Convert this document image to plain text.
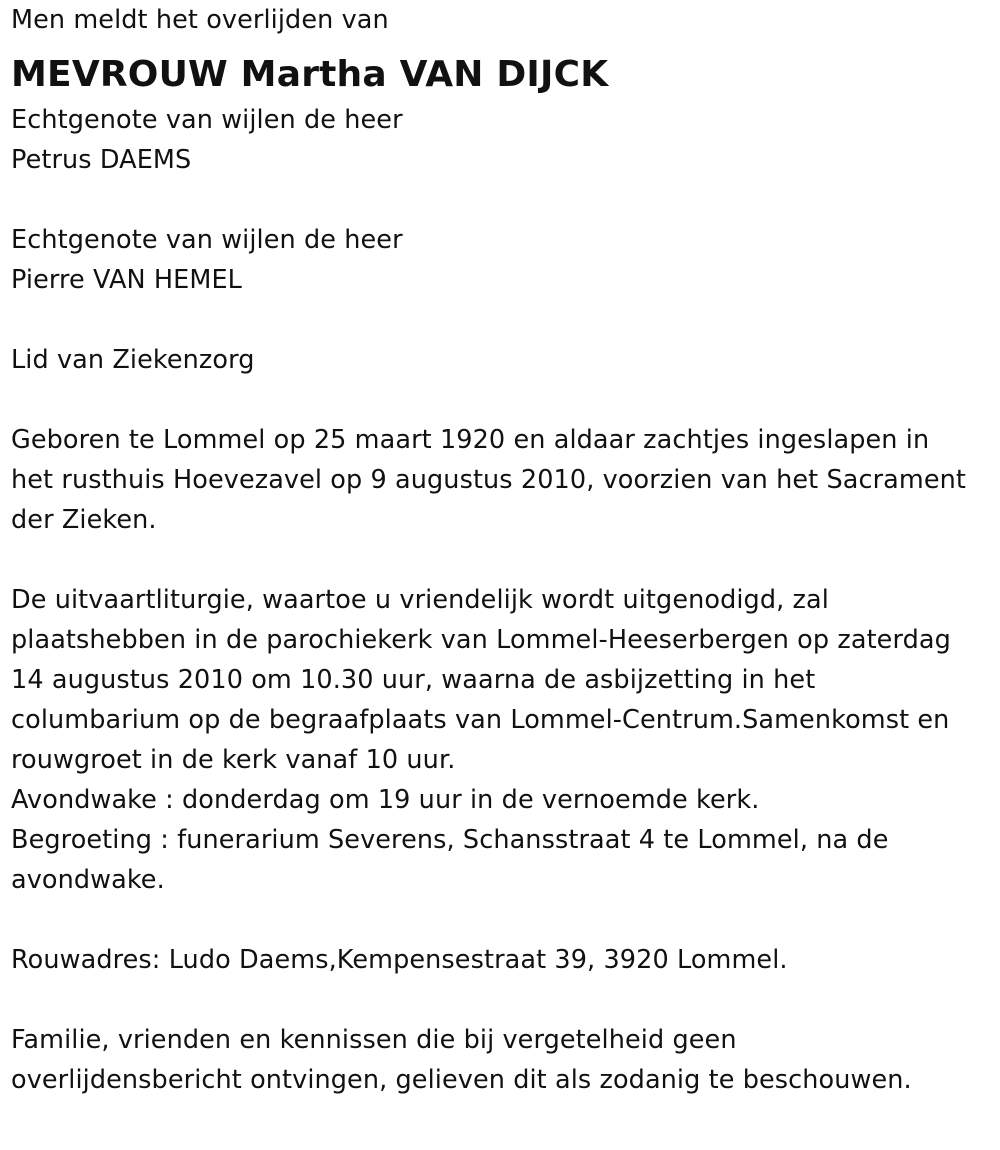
Men meldt het overlijden van
MEVROUW Martha VAN DIJCK
Echtgenote van wijlen de heer
Petrus DAEMS
Echtgenote van wijlen de heer
Pierre VAN HEMEL
Lid van Ziekenzorg
Geboren te Lommel op 25 maart 1920 en aldaar zachtjes ingeslapen in
het rusthuis Hoevezavel op 9 augustus 2010, voorzien van het Sacrament
der Zieken.
De uitvaartliturgie, waartoe u vriendelijk wordt uitgenodigd, zal
plaatshebben in de parochiekerk van Lommel-Heeserbergen op zaterdag
14 augustus 2010 om 10.30 uur, waarna de asbijzetting in het
columbarium op de begraafplaats van Lommel-Centrum.Samenkomst en
rouwgroet in de kerk vanaf 10 uur.
Avondwake : donderdag om 19 uur in de vernoemde kerk.
Begroeting : funerarium Severens, Schansstraat 4 te Lommel, na de
avondwake.
Rouwadres: Ludo Daems,Kempensestraat 39, 3920 Lommel.
Familie, vrienden en kennissen die bij vergetelheid geen
overlijdensbericht ontvingen, gelieven dit als zodanig te beschouwen.
